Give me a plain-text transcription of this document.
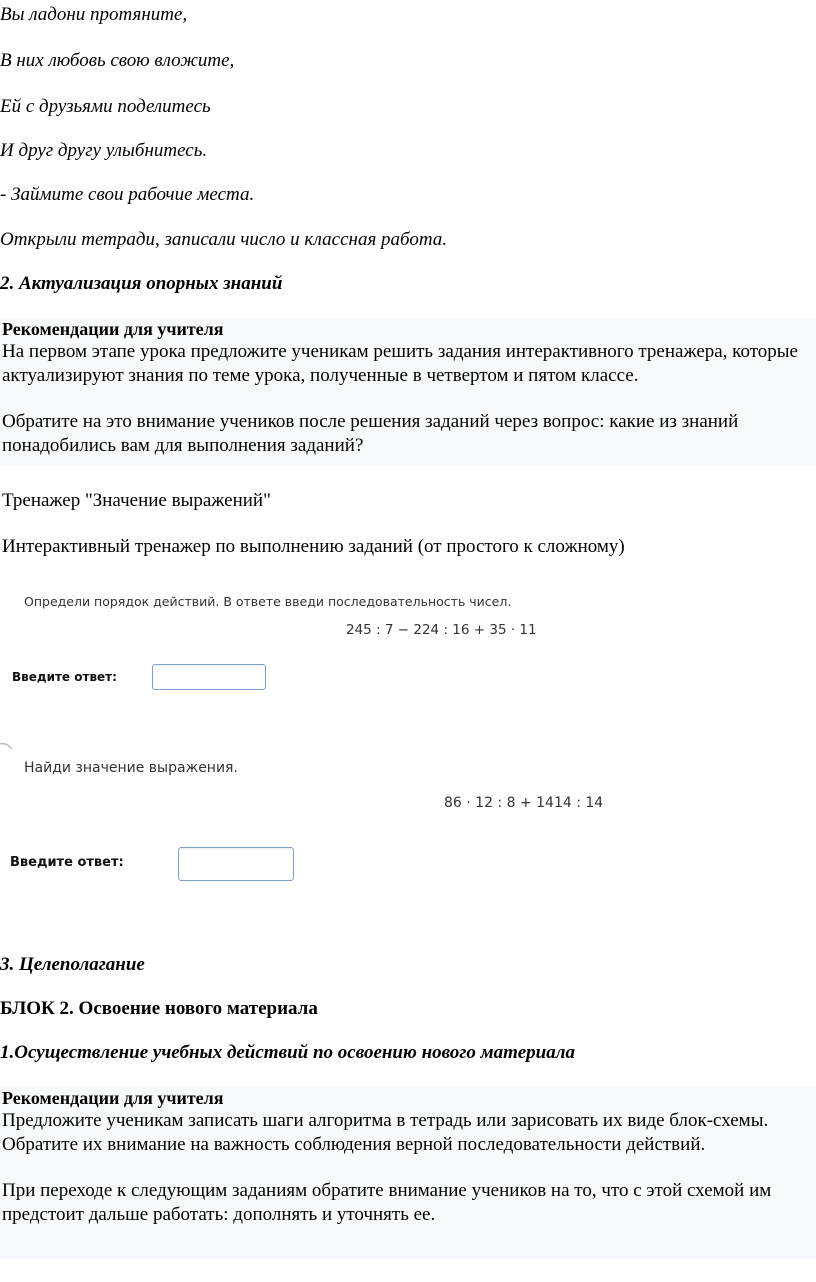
Вы ладони протяните,

В них любовь свою вложите,

Ей с друзьями поделитесь

И друг другу улыбнитесь.

- Займите свои рабочие места.

Открыли тетради, записали число и классная работа.

2. Актуализация опорных знаний

Рекомендации для учителя

На первом этапе урока предложите ученикам решить задания интерактивного тренажера, которые актуализируют знания по теме урока, полученные в четвертом и пятом классе.

Обратите на это внимание учеников после решения заданий через вопрос: какие из знаний понадобились вам для выполнения заданий?

Тренажер "Значение выражений"

Интерактивный тренажер по выполнению заданий (от простого к сложному)

Определи порядок действий. В ответе введи последовательность чисел.
245 : 7 − 224 : 16 + 35 · 11
Введите ответ:
Найди значение выражения.
86 · 12 : 8 + 1414 : 14
Введите ответ:

3. Целеполагание

БЛОК 2. Освоение нового материала

1.Осуществление учебных действий по освоению нового материала

Рекомендации для учителя

Предложите ученикам записать шаги алгоритма в тетрадь или зарисовать их виде блок-схемы. Обратите их внимание на важность соблюдения верной последовательности действий.

При переходе к следующим заданиям обратите внимание учеников на то, что с этой схемой им предстоит дальше работать: дополнять и уточнять ее.
